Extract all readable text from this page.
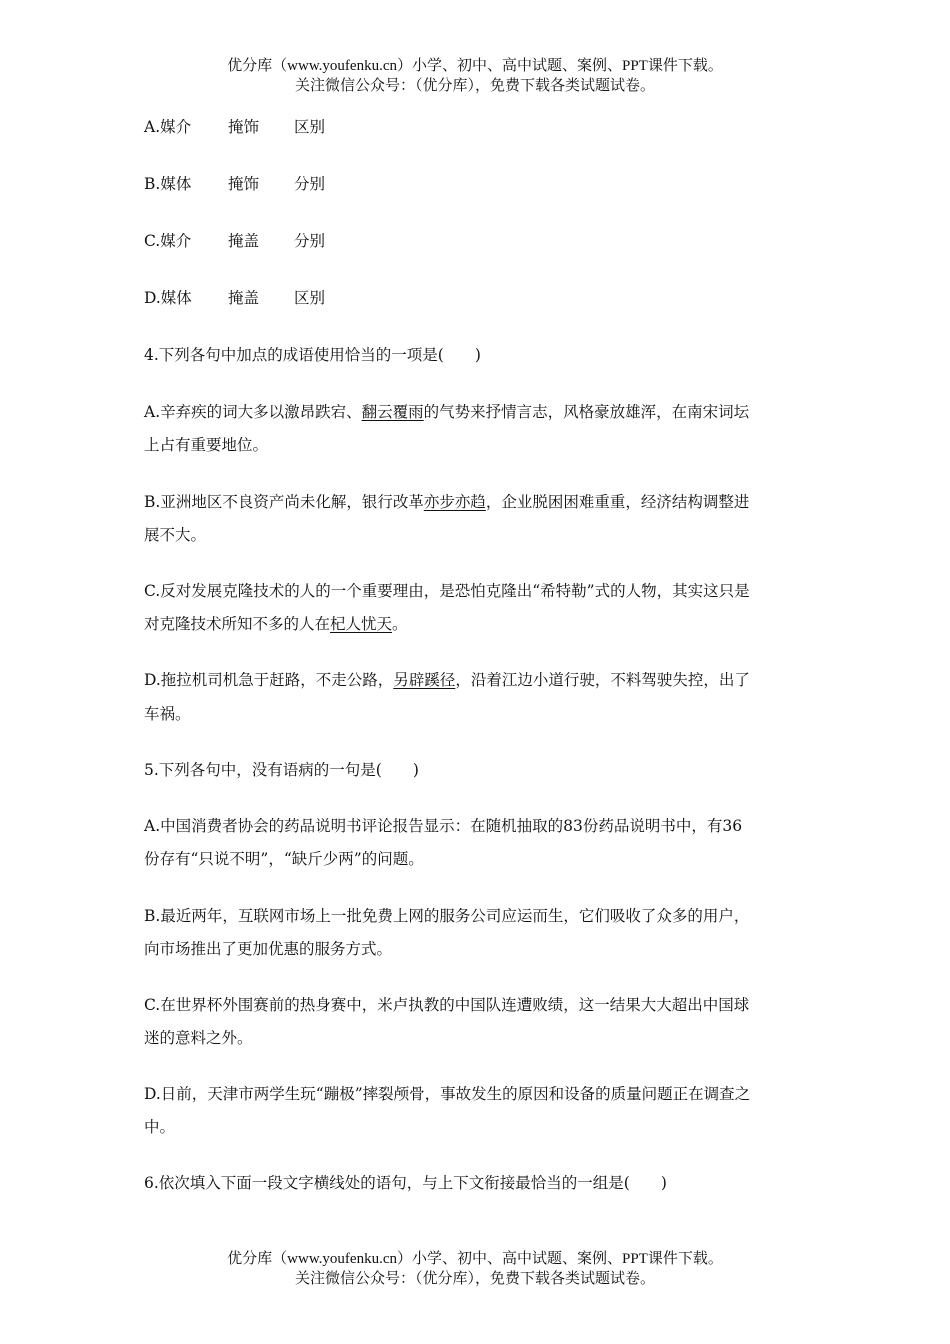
优分库（www.youfenku.cn）小学、初中、高中试题、案例、PPT课件下载。
关注微信公众号：（优分库），免费下载各类试题试卷。
A.媒介 掩饰 区别
B.媒体 掩饰 分别
C.媒介 掩盖 分别
D.媒体 掩盖 区别
4.下列各句中加点的成语使用恰当的一项是(　　)
A.辛弃疾的词大多以激昂跌宕、翻云覆雨的气势来抒情言志，风格豪放雄浑，在南宋词坛
上占有重要地位。
B.亚洲地区不良资产尚未化解，银行改革亦步亦趋，企业脱困困难重重，经济结构调整进
展不大。
C.反对发展克隆技术的人的一个重要理由，是恐怕克隆出“希特勒”式的人物，其实这只是
对克隆技术所知不多的人在杞人忧天。
D.拖拉机司机急于赶路，不走公路，另辟蹊径，沿着江边小道行驶，不料驾驶失控，出了
车祸。
5.下列各句中，没有语病的一句是(　　)
A.中国消费者协会的药品说明书评论报告显示：在随机抽取的83份药品说明书中，有36
份存有“只说不明”，“缺斤少两”的问题。
B.最近两年，互联网市场上一批免费上网的服务公司应运而生，它们吸收了众多的用户，
向市场推出了更加优惠的服务方式。
C.在世界杯外围赛前的热身赛中，米卢执教的中国队连遭败绩，这一结果大大超出中国球
迷的意料之外。
D.日前，天津市两学生玩“蹦极”摔裂颅骨，事故发生的原因和设备的质量问题正在调查之
中。
6.依次填入下面一段文字横线处的语句，与上下文衔接最恰当的一组是(　　)
优分库（www.youfenku.cn）小学、初中、高中试题、案例、PPT课件下载。
关注微信公众号：（优分库），免费下载各类试题试卷。
